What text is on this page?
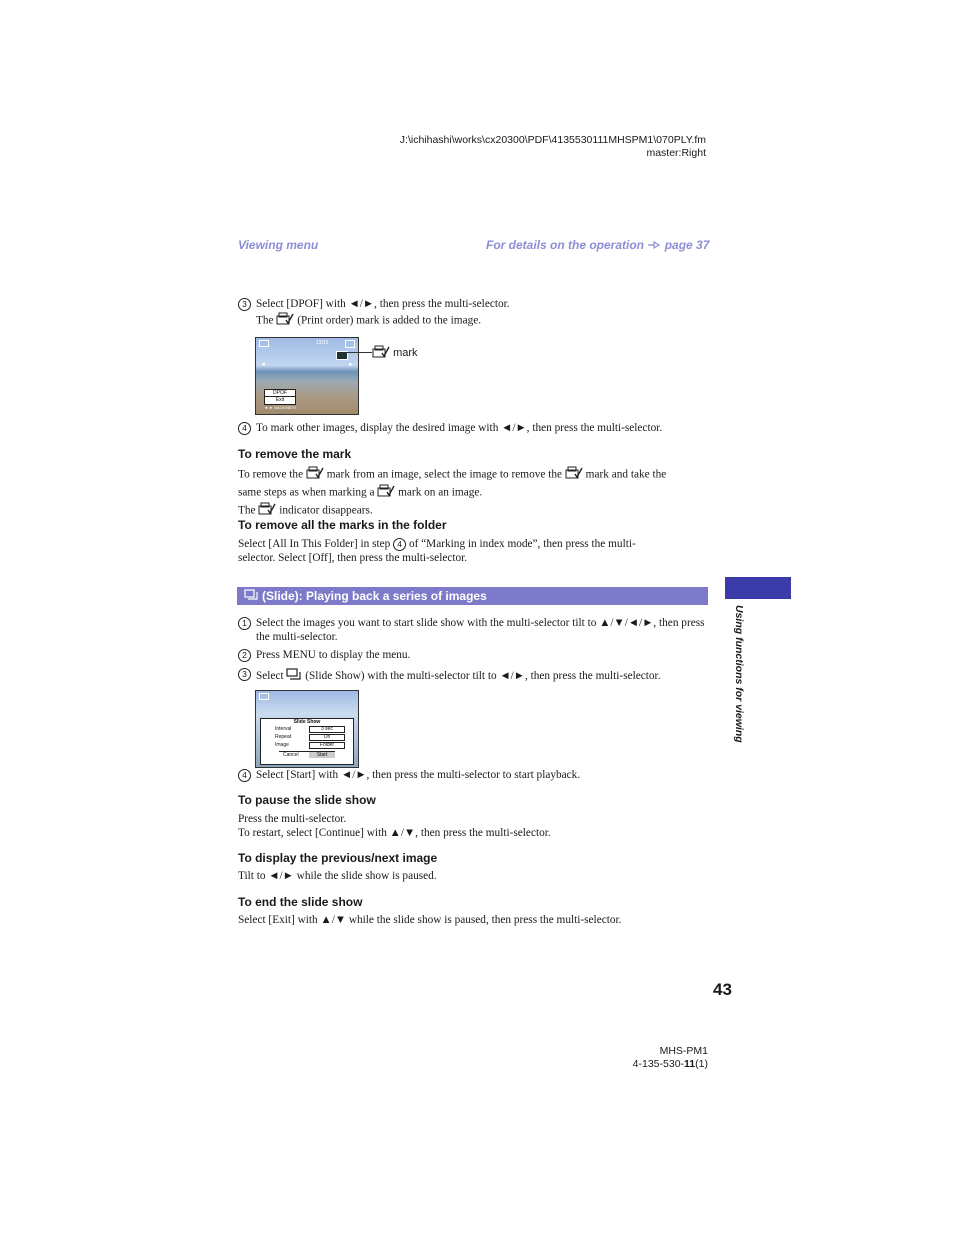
J:\ichihashi\works\cx20300\PDF\4135530111MHSPM1\070PLY.fm
master:Right
Viewing menu	For details on the operation page 37
3 Select [DPOF] with ◄/►, then press the multi-selector.
The (Print order) mark is added to the image.
12/12
◄	►
DPOF
Exit
◄ ► BACK/NEXT
mark
4 To mark other images, display the desired image with ◄/►, then press the multi-selector.
To remove the mark
To remove the mark from an image, select the image to remove the mark and take the
same steps as when marking a mark on an image.
The indicator disappears.
To remove all the marks in the folder
Select [All In This Folder] in step 4 of “Marking in index mode”, then press the multi-
selector. Select [Off], then press the multi-selector.
(Slide): Playing back a series of images
Using functions for viewing
1 Select the images you want to start slide show with the multi-selector tilt to ▲/▼/◄/►, then press
the multi-selector.
2 Press MENU to display the menu.
3 Select (Slide Show) with the multi-selector tilt to ◄/►, then press the multi-selector.
Slide Show
Interval	3 sec
Repeat	On
Image	Folder
Cancel	Start
4 Select [Start] with ◄/►, then press the multi-selector to start playback.
To pause the slide show
Press the multi-selector.
To restart, select [Continue] with ▲/▼, then press the multi-selector.
To display the previous/next image
Tilt to ◄/► while the slide show is paused.
To end the slide show
Select [Exit] with ▲/▼ while the slide show is paused, then press the multi-selector.
43
MHS-PM1
4-135-530-11(1)
